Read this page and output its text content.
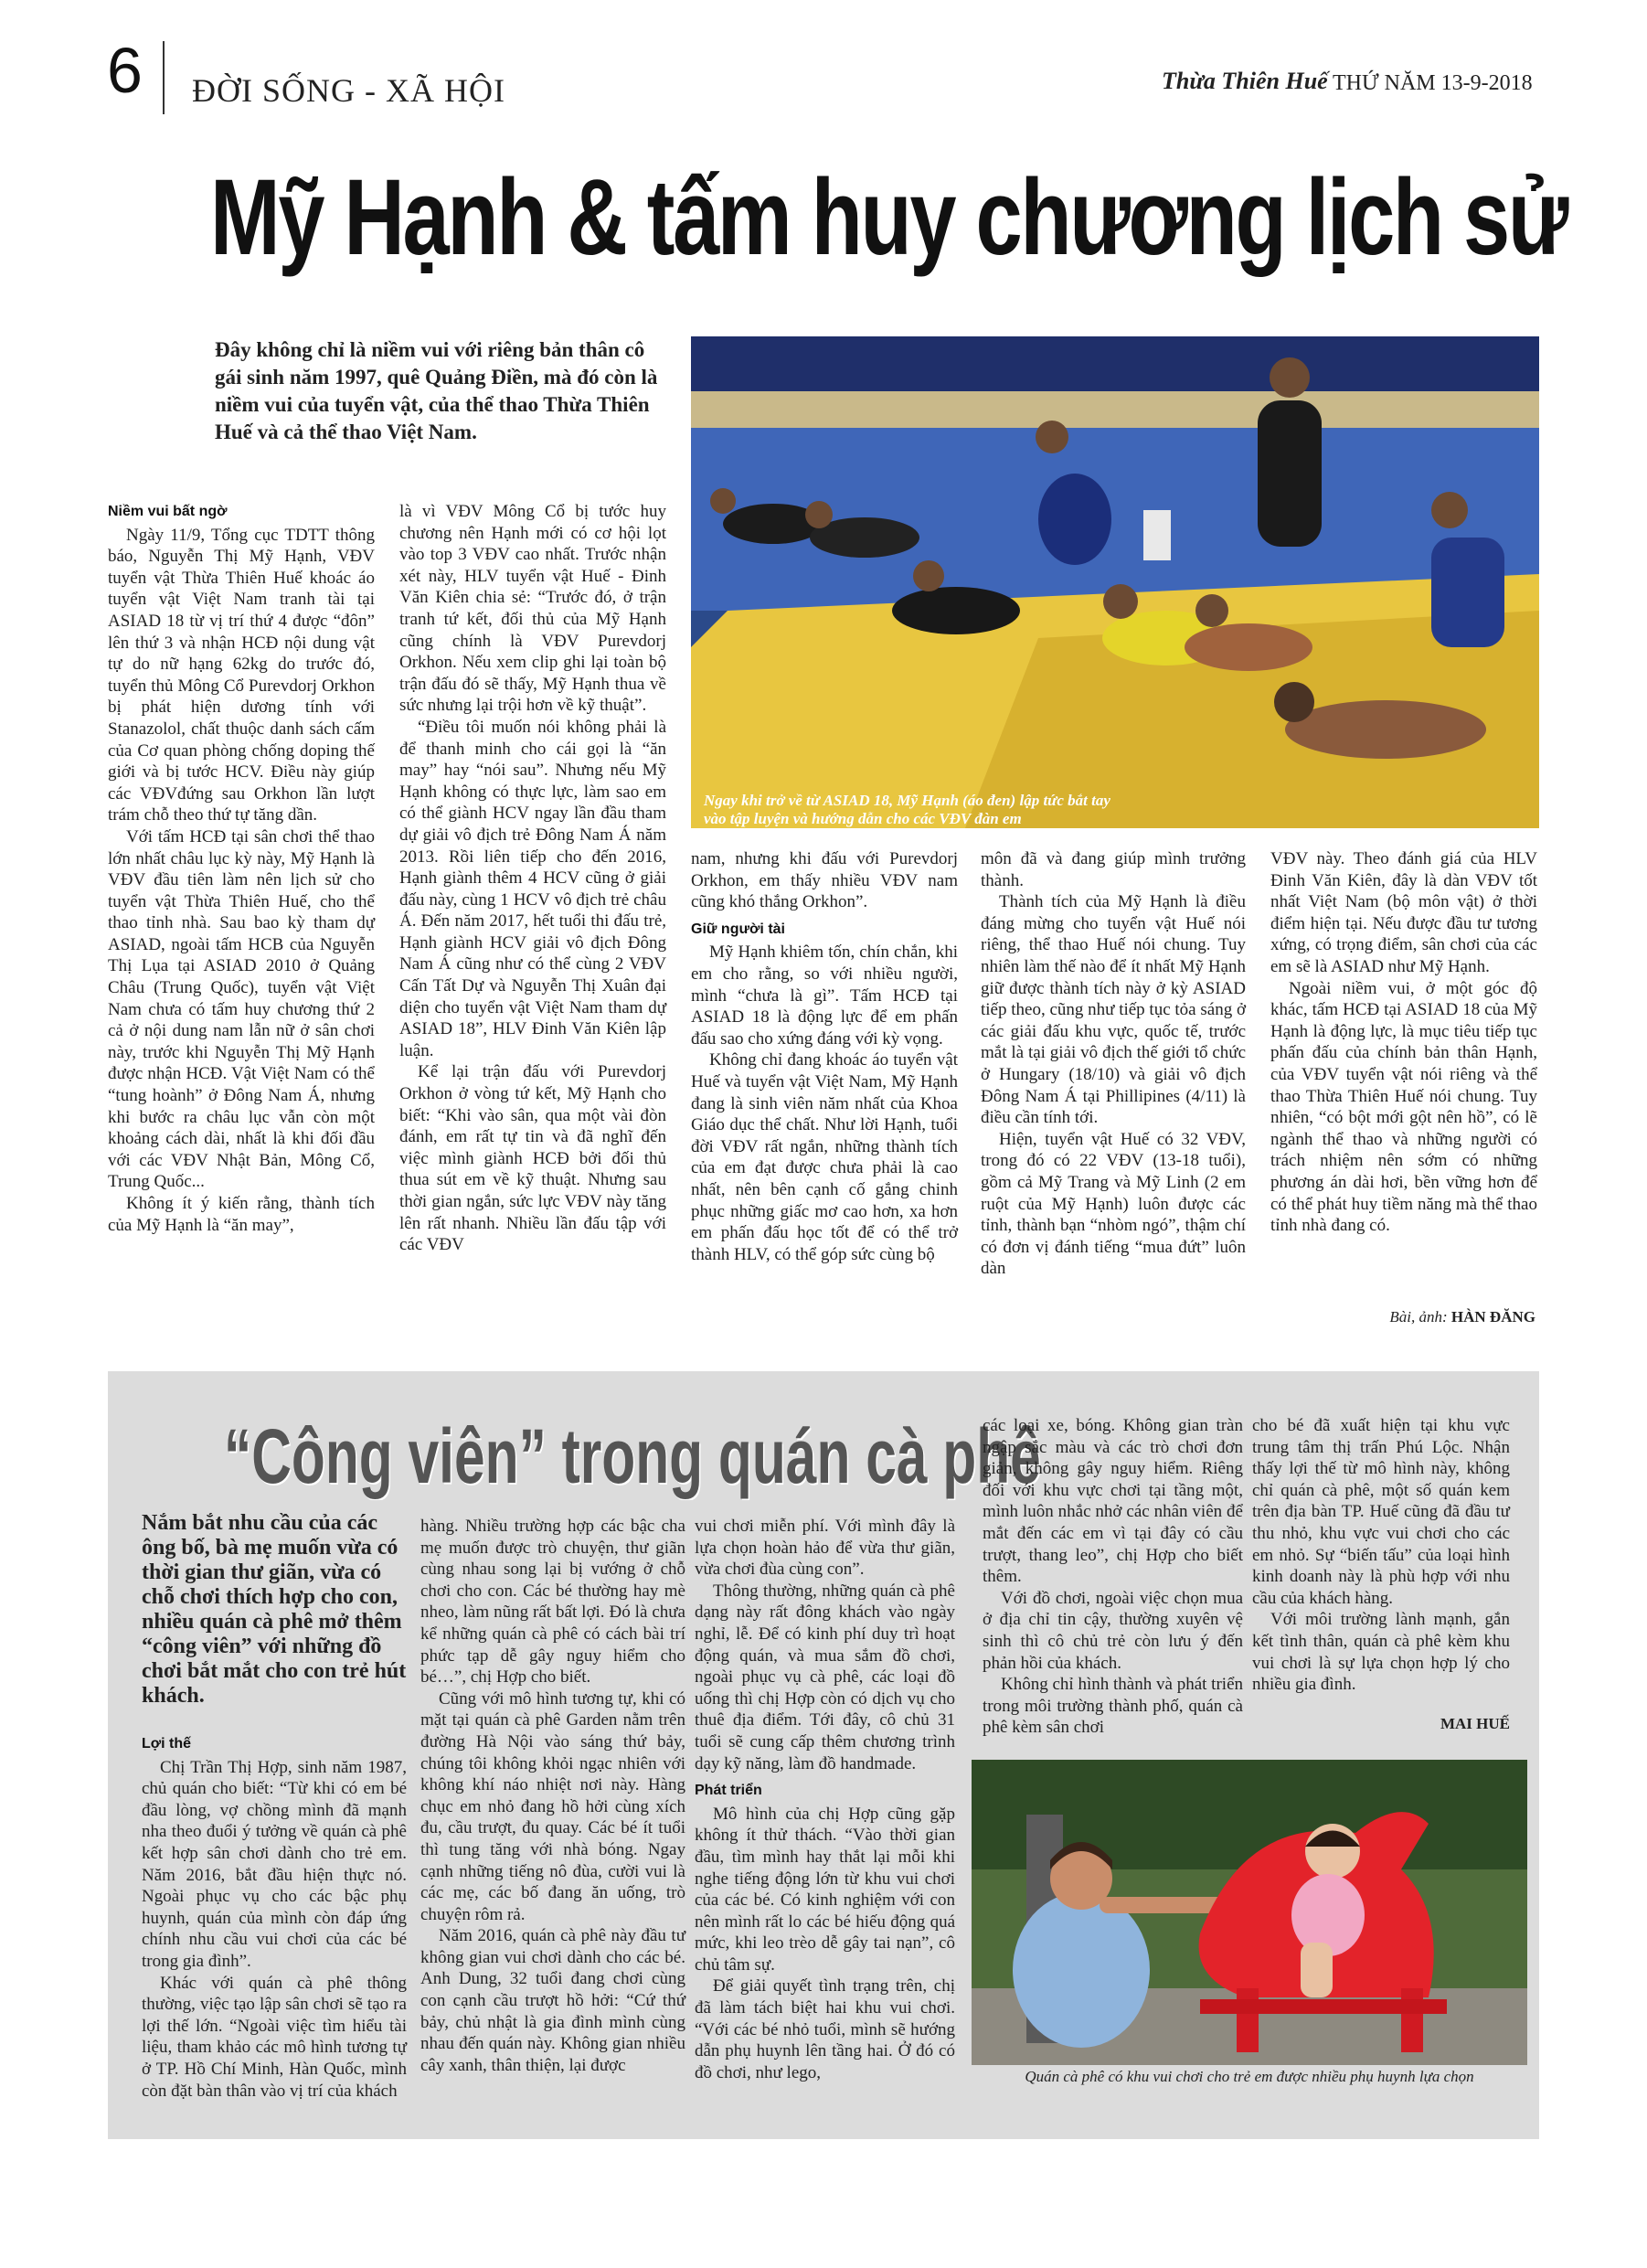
6 ĐỜI SỐNG - XÃ HỘI	Thừa Thiên Huế THỨ NĂM 13-9-2018
Mỹ Hạnh & tấm huy chương lịch sử
Đây không chỉ là niềm vui với riêng bản thân cô gái sinh năm 1997, quê Quảng Điền, mà đó còn là niềm vui của tuyển vật, của thể thao Thừa Thiên Huế và cả thể thao Việt Nam.
Ngay khi trở về từ ASIAD 18, Mỹ Hạnh (áo đen) lập tức bắt tay vào tập luyện và hướng dẫn cho các VĐV đàn em
Niềm vui bất ngờ

Ngày 11/9, Tổng cục TDTT thông báo, Nguyễn Thị Mỹ Hạnh, VĐV tuyển vật Thừa Thiên Huế khoác áo tuyển vật Việt Nam tranh tài tại ASIAD 18 từ vị trí thứ 4 được “đôn” lên thứ 3 và nhận HCĐ nội dung vật tự do nữ hạng 62kg do trước đó, tuyển thủ Mông Cổ Purevdorj Orkhon bị phát hiện dương tính với Stanazolol, chất thuộc danh sách cấm của Cơ quan phòng chống doping thế giới và bị tước HCV. Điều này giúp các VĐVđứng sau Orkhon lần lượt trám chỗ theo thứ tự tăng dần.

Với tấm HCĐ tại sân chơi thể thao lớn nhất châu lục kỳ này, Mỹ Hạnh là VĐV đầu tiên làm nên lịch sử cho tuyển vật Thừa Thiên Huế, cho thể thao tỉnh nhà. Sau bao kỳ tham dự ASIAD, ngoài tấm HCB của Nguyễn Thị Lụa tại ASIAD 2010 ở Quảng Châu (Trung Quốc), tuyển vật Việt Nam chưa có tấm huy chương thứ 2 cả ở nội dung nam lẫn nữ ở sân chơi này, trước khi Nguyễn Thị Mỹ Hạnh được nhận HCĐ. Vật Việt Nam có thể “tung hoành” ở Đông Nam Á, nhưng khi bước ra châu lục vẫn còn một khoảng cách dài, nhất là khi đối đầu với các VĐV Nhật Bản, Mông Cổ, Trung Quốc...

Không ít ý kiến rằng, thành tích của Mỹ Hạnh là “ăn may”,

là vì VĐV Mông Cổ bị tước huy chương nên Hạnh mới có cơ hội lọt vào top 3 VĐV cao nhất. Trước nhận xét này, HLV tuyển vật Huế - Đinh Văn Kiên chia sẻ: “Trước đó, ở trận tranh tứ kết, đối thủ của Mỹ Hạnh cũng chính là VĐV Purevdorj Orkhon. Nếu xem clip ghi lại toàn bộ trận đấu đó sẽ thấy, Mỹ Hạnh thua về sức nhưng lại trội hơn về kỹ thuật”.

“Điều tôi muốn nói không phải là để thanh minh cho cái gọi là “ăn may” hay “nói sau”. Nhưng nếu Mỹ Hạnh không có thực lực, làm sao em có thể giành HCV ngay lần đầu tham dự giải vô địch trẻ Đông Nam Á năm 2013. Rồi liên tiếp cho đến 2016, Hạnh giành thêm 4 HCV cũng ở giải đấu này, cùng 1 HCV vô địch trẻ châu Á. Đến năm 2017, hết tuổi thi đấu trẻ, Hạnh giành HCV giải vô địch Đông Nam Á cũng như có thể cùng 2 VĐV Cấn Tất Dự và Nguyễn Thị Xuân đại diện cho tuyển vật Việt Nam tham dự ASIAD 18”, HLV Đinh Văn Kiên lập luận.

Kể lại trận đấu với Purevdorj Orkhon ở vòng tứ kết, Mỹ Hạnh cho biết: “Khi vào sân, qua một vài đòn đánh, em rất tự tin và đã nghĩ đến việc mình giành HCĐ bởi đối thủ thua sút em về kỹ thuật. Nhưng sau thời gian ngắn, sức lực VĐV này tăng lên rất nhanh. Nhiều lần đấu tập với các VĐV

nam, nhưng khi đấu với Purevdorj Orkhon, em thấy nhiều VĐV nam cũng khó thắng Orkhon”.

Giữ người tài

Mỹ Hạnh khiêm tốn, chín chắn, khi em cho rằng, so với nhiều người, mình “chưa là gì”. Tấm HCĐ tại ASIAD 18 là động lực để em phấn đấu sao cho xứng đáng với kỳ vọng.

Không chỉ đang khoác áo tuyển vật Huế và tuyển vật Việt Nam, Mỹ Hạnh đang là sinh viên năm nhất của Khoa Giáo dục thể chất. Như lời Hạnh, tuổi đời VĐV rất ngắn, những thành tích của em đạt được chưa phải là cao nhất, nên bên cạnh cố gắng chinh phục những giấc mơ cao hơn, xa hơn em phấn đấu học tốt để có thể trở thành HLV, có thể góp sức cùng bộ

môn đã và đang giúp mình trưởng thành.

Thành tích của Mỹ Hạnh là điều đáng mừng cho tuyển vật Huế nói riêng, thể thao Huế nói chung. Tuy nhiên làm thế nào để ít nhất Mỹ Hạnh giữ được thành tích này ở kỳ ASIAD tiếp theo, cũng như tiếp tục tỏa sáng ở các giải đấu khu vực, quốc tế, trước mắt là tại giải vô địch thế giới tổ chức ở Hungary (18/10) và giải vô địch Đông Nam Á tại Phillipines (4/11) là điều cần tính tới.

Hiện, tuyển vật Huế có 32 VĐV, trong đó có 22 VĐV (13-18 tuổi), gồm cả Mỹ Trang và Mỹ Linh (2 em ruột của Mỹ Hạnh) luôn được các tỉnh, thành bạn “nhòm ngó”, thậm chí có đơn vị đánh tiếng “mua đứt” luôn dàn

VĐV này. Theo đánh giá của HLV Đinh Văn Kiên, đây là dàn VĐV tốt nhất Việt Nam (bộ môn vật) ở thời điểm hiện tại. Nếu được đầu tư tương xứng, có trọng điểm, sân chơi của các em sẽ là ASIAD như Mỹ Hạnh.

Ngoài niềm vui, ở một góc độ khác, tấm HCĐ tại ASIAD 18 của Mỹ Hạnh là động lực, là mục tiêu tiếp tục phấn đấu của chính bản thân Hạnh, của VĐV tuyển vật nói riêng và thể thao Thừa Thiên Huế nói chung. Tuy nhiên, “có bột mới gột nên hồ”, có lẽ ngành thể thao và những người có trách nhiệm nên sớm có những phương án dài hơi, bền vững hơn để có thể phát huy tiềm năng mà thể thao tỉnh nhà đang có.

Bài, ảnh: HÀN ĐĂNG
“Công viên” trong quán cà phê
Nắm bắt nhu cầu của các ông bố, bà mẹ muốn vừa có thời gian thư giãn, vừa có chỗ chơi thích hợp cho con, nhiều quán cà phê mở thêm “công viên” với những đồ chơi bắt mắt cho con trẻ hút khách.
Lợi thế

Chị Trần Thị Hợp, sinh năm 1987, chủ quán cho biết: “Từ khi có em bé đầu lòng, vợ chồng mình đã mạnh nha theo đuổi ý tưởng về quán cà phê kết hợp sân chơi dành cho trẻ em. Năm 2016, bắt đầu hiện thực nó. Ngoài phục vụ cho các bậc phụ huynh, quán của mình còn đáp ứng chính nhu cầu vui chơi của các bé trong gia đình”.

Khác với quán cà phê thông thường, việc tạo lập sân chơi sẽ tạo ra lợi thế lớn. “Ngoài việc tìm hiểu tài liệu, tham khảo các mô hình tương tự ở TP. Hồ Chí Minh, Hàn Quốc, mình còn đặt bàn thân vào vị trí của khách

hàng. Nhiều trường hợp các bậc cha mẹ muốn được trò chuyện, thư giãn cùng nhau song lại bị vướng ở chỗ chơi cho con. Các bé thường hay mè nheo, làm nũng rất bất lợi. Đó là chưa kể những quán cà phê có cách bài trí phức tạp dễ gây nguy hiểm cho bé…”, chị Hợp cho biết.

Cũng với mô hình tương tự, khi có mặt tại quán cà phê Garden nằm trên đường Hà Nội vào sáng thứ bảy, chúng tôi không khỏi ngạc nhiên với không khí náo nhiệt nơi này. Hàng chục em nhỏ đang hồ hởi cùng xích đu, cầu trượt, đu quay. Các bé ít tuổi thì tung tăng với nhà bóng. Ngay cạnh những tiếng nô đùa, cười vui là các mẹ, các bố đang ăn uống, trò chuyện rôm rả.

Năm 2016, quán cà phê này đầu tư không gian vui chơi dành cho các bé. Anh Dung, 32 tuổi đang chơi cùng con cạnh cầu trượt hồ hởi: “Cứ thứ bảy, chủ nhật là gia đình mình cùng nhau đến quán này. Không gian nhiều cây xanh, thân thiện, lại được

vui chơi miễn phí. Với mình đây là lựa chọn hoàn hảo để vừa thư giãn, vừa chơi đùa cùng con”.

Thông thường, những quán cà phê dạng này rất đông khách vào ngày nghỉ, lễ. Để có kinh phí duy trì hoạt động quán, và mua sắm đồ chơi, ngoài phục vụ cà phê, các loại đồ uống thì chị Hợp còn có dịch vụ cho thuê địa điểm. Tới đây, cô chủ 31 tuổi sẽ cung cấp thêm chương trình dạy kỹ năng, làm đồ handmade.

Phát triển

Mô hình của chị Hợp cũng gặp không ít thử thách. “Vào thời gian đầu, tìm mình hay thắt lại mỗi khi nghe tiếng động lớn từ khu vui chơi của các bé. Có kinh nghiệm với con nên mình rất lo các bé hiếu động quá mức, khi leo trèo dễ gây tai nạn”, cô chủ tâm sự.

Để giải quyết tình trạng trên, chị đã làm tách biệt hai khu vui chơi. “Với các bé nhỏ tuổi, mình sẽ hướng dẫn phụ huynh lên tầng hai. Ở đó có đồ chơi, như lego,

các loại xe, bóng. Không gian tràn ngập sắc màu và các trò chơi đơn giản, không gây nguy hiểm. Riêng đối với khu vực chơi tại tầng một, mình luôn nhắc nhở các nhân viên để mắt đến các em vì tại đây có cầu trượt, thang leo”, chị Hợp cho biết thêm.

Với đồ chơi, ngoài việc chọn mua ở địa chỉ tin cậy, thường xuyên vệ sinh thì cô chủ trẻ còn lưu ý đến phản hồi của khách.

Không chỉ hình thành và phát triển trong môi trường thành phố, quán cà phê kèm sân chơi

cho bé đã xuất hiện tại khu vực trung tâm thị trấn Phú Lộc. Nhận thấy lợi thế từ mô hình này, không chỉ quán cà phê, một số quán kem trên địa bàn TP. Huế cũng đã đầu tư thu nhỏ, khu vực vui chơi cho các em nhỏ. Sự “biến tấu” của loại hình kinh doanh này là phù hợp với nhu cầu của khách hàng.

Với môi trường lành mạnh, gắn kết tình thân, quán cà phê kèm khu vui chơi là sự lựa chọn hợp lý cho nhiều gia đình.

MAI HUẾ
Quán cà phê có khu vui chơi cho trẻ em được nhiều phụ huynh lựa chọn
